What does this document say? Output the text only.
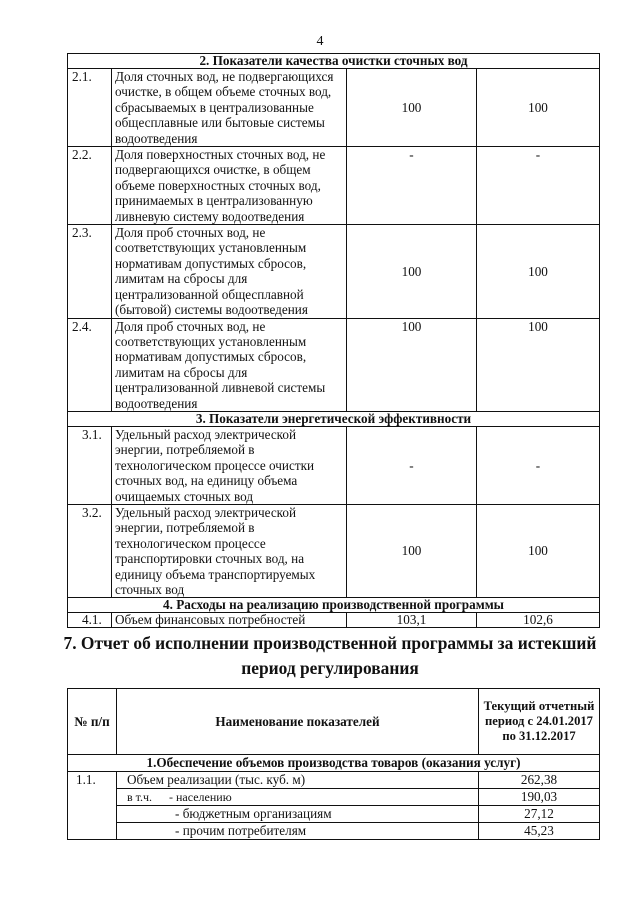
4
2. Показатели качества очистки сточных вод			
2.1.	Доля сточных вод, не подвергающихся очистке, в общем объеме сточных вод, сбрасываемых в централизованные общесплавные или бытовые системы водоотведения	100	100
2.2.	Доля поверхностных сточных вод, не подвергающихся очистке, в общем объеме поверхностных сточных вод, принимаемых в централизованную ливневую систему водоотведения	-	-
2.3.	Доля проб сточных вод, не соответствующих установленным нормативам допустимых сбросов, лимитам на сбросы для централизованной общесплавной (бытовой) системы водоотведения	100	100
2.4.	Доля проб сточных вод, не соответствующих установленным нормативам допустимых сбросов, лимитам на сбросы для централизованной ливневой системы водоотведения	100	100
3. Показатели энергетической эффективности			
3.1.	Удельный расход электрической энергии, потребляемой в технологическом процессе очистки сточных вод, на единицу объема очищаемых сточных вод	-	-
3.2.	Удельный расход электрической энергии, потребляемой в технологическом процессе транспортировки сточных вод, на единицу объема транспортируемых сточных вод	100	100
4. Расходы на реализацию производственной программы			
4.1.	Объем финансовых потребностей	103,1	102,6
7. Отчет об исполнении производственной программы за истекший период регулирования
№ п/п	Наименование показателей	Текущий отчетный период с 24.01.2017 по 31.12.2017
1.Обеспечение объемов производства товаров (оказания услуг)		
1.1.	Объем реализации (тыс. куб. м)	262,38
	в т.ч. - населению	190,03
	- бюджетным организациям	27,12
	- прочим потребителям	45,23
